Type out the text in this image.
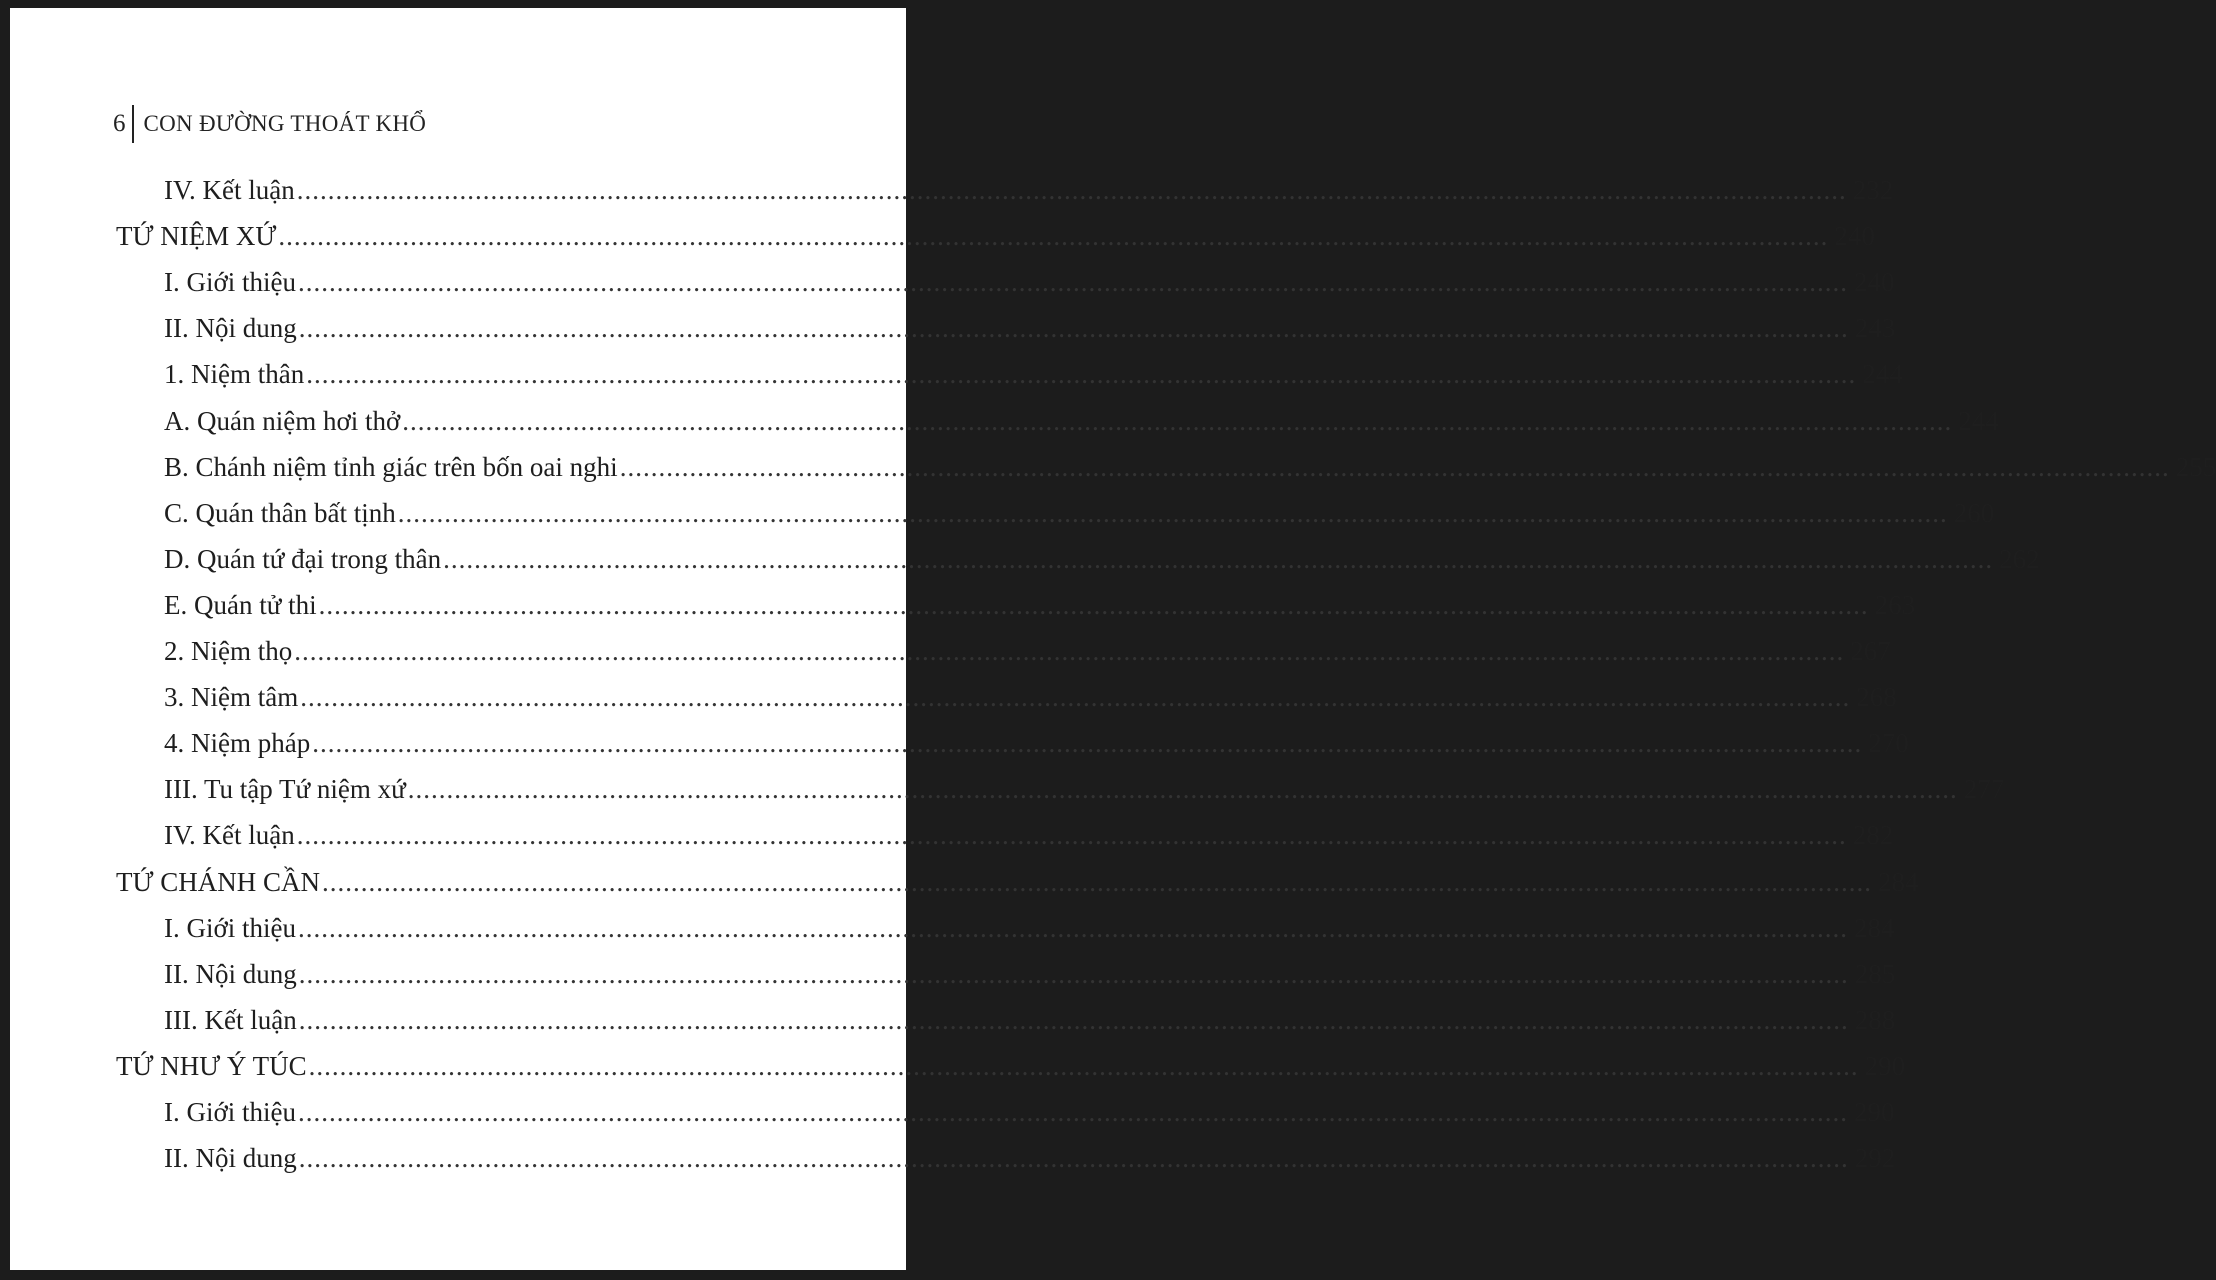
6 CON ĐƯỜNG THOÁT KHỔ
IV. Kết luận ........................................................................................................................................................................................................ 232
TỨ NIỆM XỨ ........................................................................................................................................................................................................ 240
I. Giới thiệu ........................................................................................................................................................................................................ 240
II. Nội dung ........................................................................................................................................................................................................ 243
1. Niệm thân ........................................................................................................................................................................................................ 244
A. Quán niệm hơi thở ........................................................................................................................................................................................................ 244
B. Chánh niệm tỉnh giác trên bốn oai nghi ........................................................................................................................................................................................................ 255
C. Quán thân bất tịnh ........................................................................................................................................................................................................ 260
D. Quán tứ đại trong thân ........................................................................................................................................................................................................ 262
E. Quán tử thi ........................................................................................................................................................................................................ 263
2. Niệm thọ ........................................................................................................................................................................................................ 267
3. Niệm tâm ........................................................................................................................................................................................................ 268
4. Niệm pháp ........................................................................................................................................................................................................ 270
III. Tu tập Tứ niệm xứ ........................................................................................................................................................................................................ 277
IV. Kết luận ........................................................................................................................................................................................................ 282
TỨ CHÁNH CẦN ........................................................................................................................................................................................................ 284
I. Giới thiệu ........................................................................................................................................................................................................ 284
II. Nội dung ........................................................................................................................................................................................................ 285
III. Kết luận ........................................................................................................................................................................................................ 288
TỨ NHƯ Ý TÚC ........................................................................................................................................................................................................ 290
I. Giới thiệu ........................................................................................................................................................................................................ 290
II. Nội dung ........................................................................................................................................................................................................ 292
